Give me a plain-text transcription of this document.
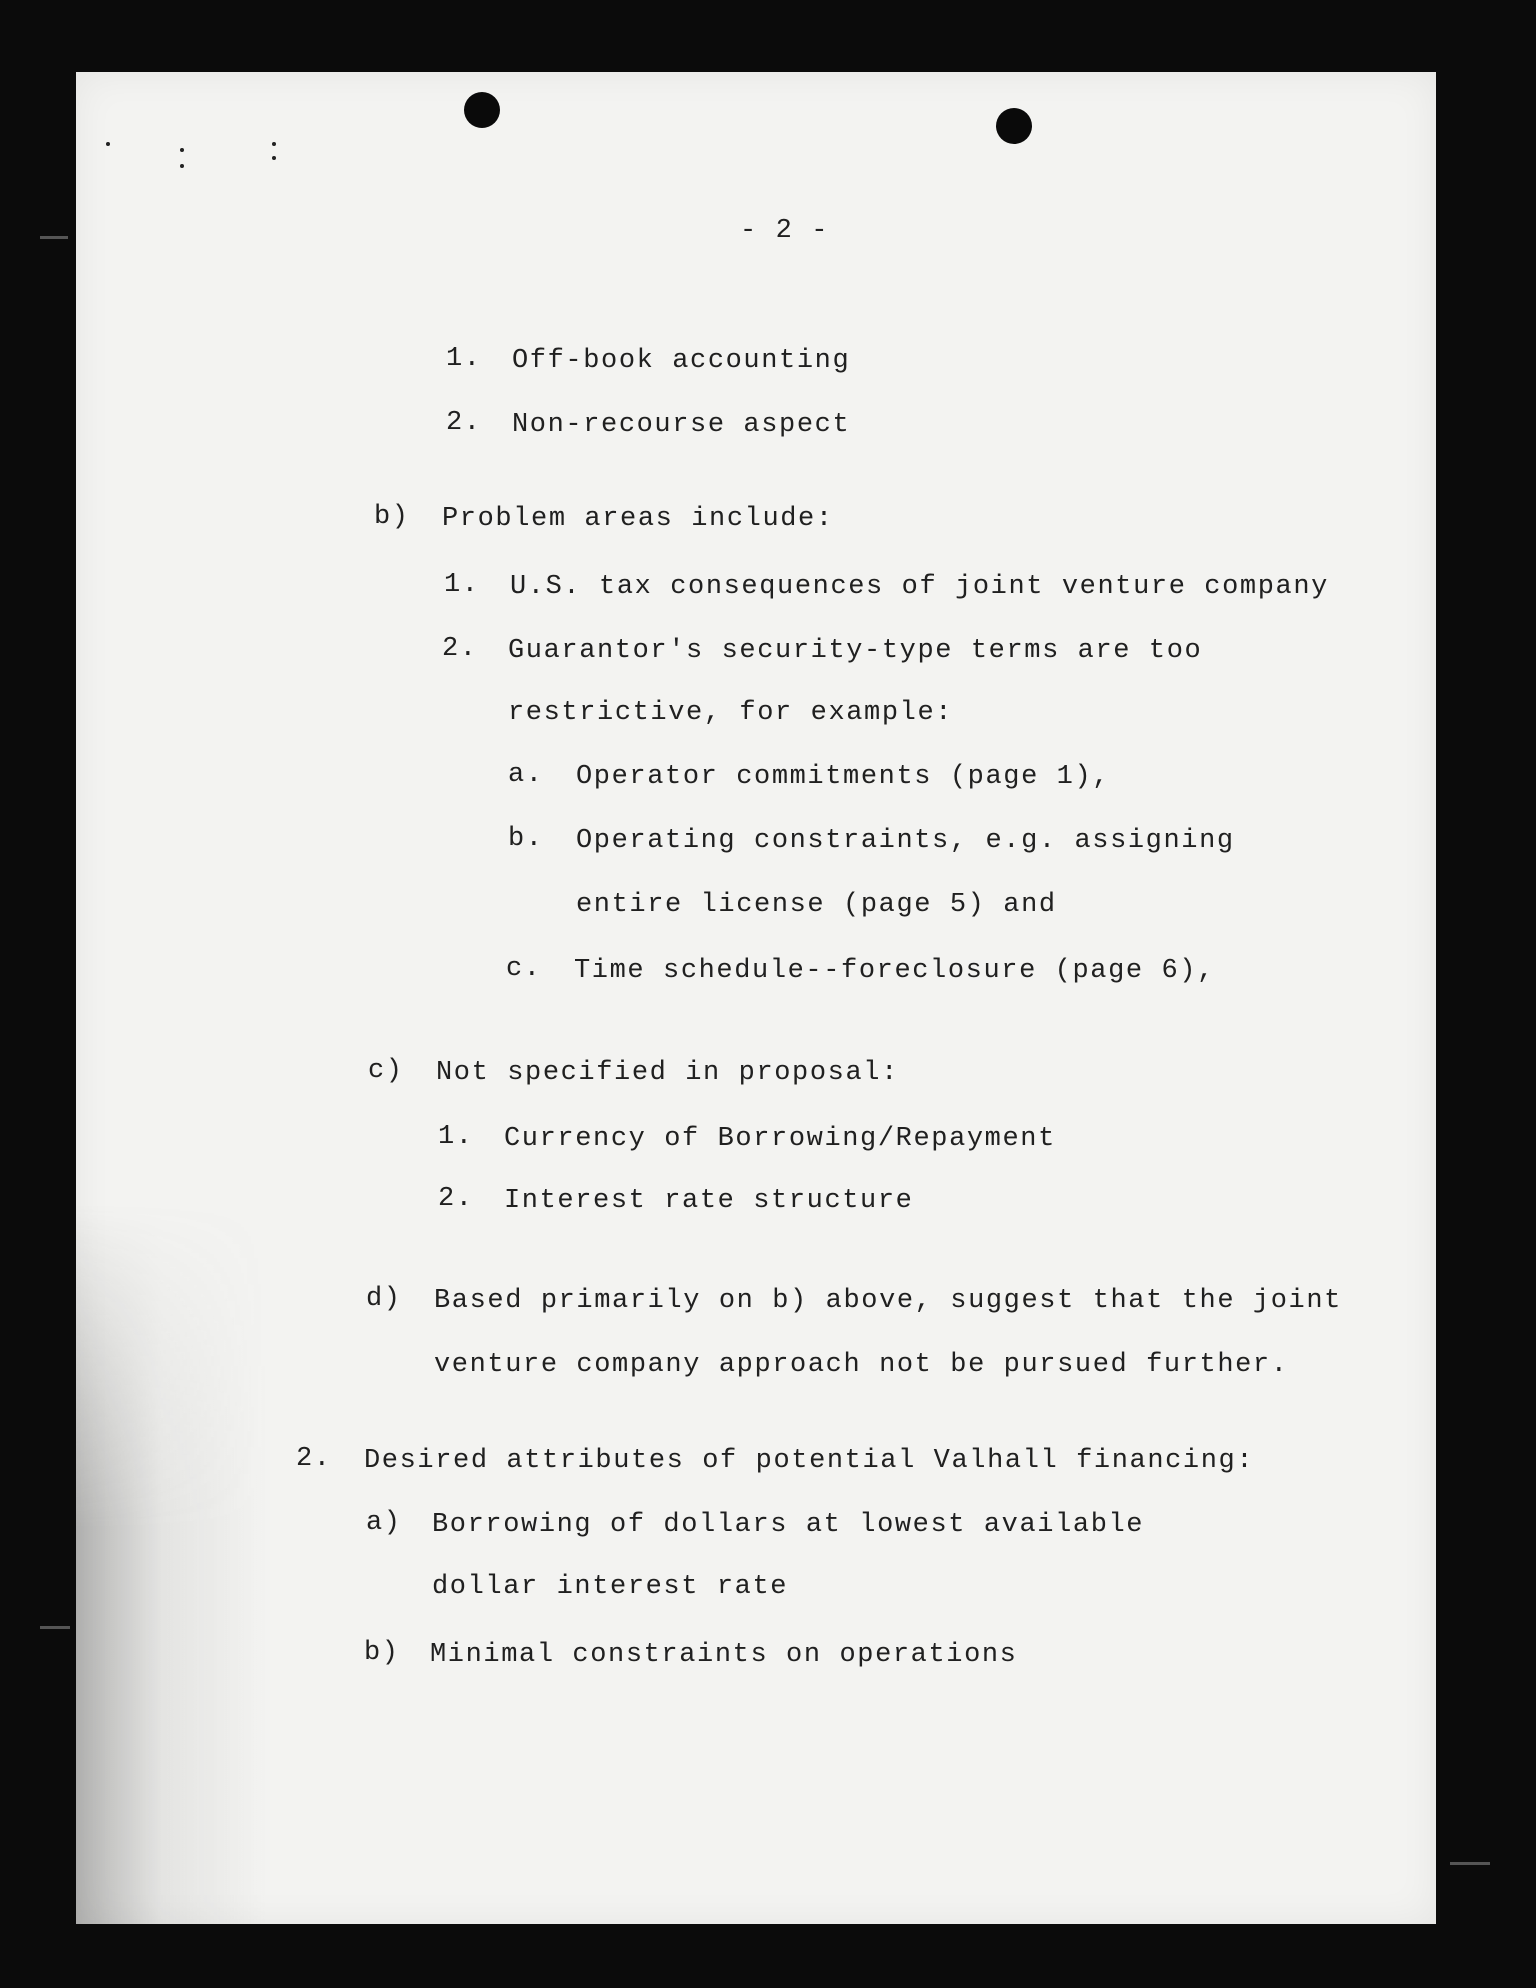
- 2 -
1. Off-book accounting
2. Non-recourse aspect
b) Problem areas include:
1. U.S. tax consequences of joint venture company
2. Guarantor's security-type terms are too
restrictive, for example:
a. Operator commitments (page 1),
b. Operating constraints, e.g. assigning
entire license (page 5) and
c. Time schedule--foreclosure (page 6),
c) Not specified in proposal:
1. Currency of Borrowing/Repayment
2. Interest rate structure
d) Based primarily on b) above, suggest that the joint
venture company approach not be pursued further.
2. Desired attributes of potential Valhall financing:
a) Borrowing of dollars at lowest available
dollar interest rate
b) Minimal constraints on operations
